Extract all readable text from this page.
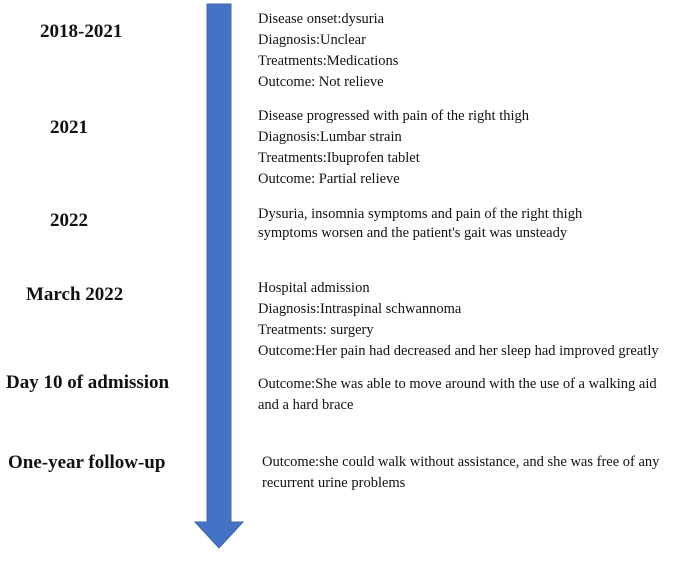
2018-2021
2021
2022
March 2022
Day 10 of admission
One-year follow-up
Disease onset:dysuria
Diagnosis:Unclear
Treatments:Medications
Outcome: Not relieve
Disease progressed with pain of the right thigh
Diagnosis:Lumbar strain
Treatments:Ibuprofen tablet
Outcome: Partial relieve
Dysuria, insomnia symptoms and pain of the right thigh
symptoms worsen and the patient's gait was unsteady
Hospital admission
Diagnosis:Intraspinal schwannoma
Treatments: surgery
Outcome:Her pain had decreased and her sleep had improved greatly
Outcome:She was able to move around with the use of a walking aid
and a hard brace
Outcome:she could walk without assistance, and she was free of any
recurrent urine problems
